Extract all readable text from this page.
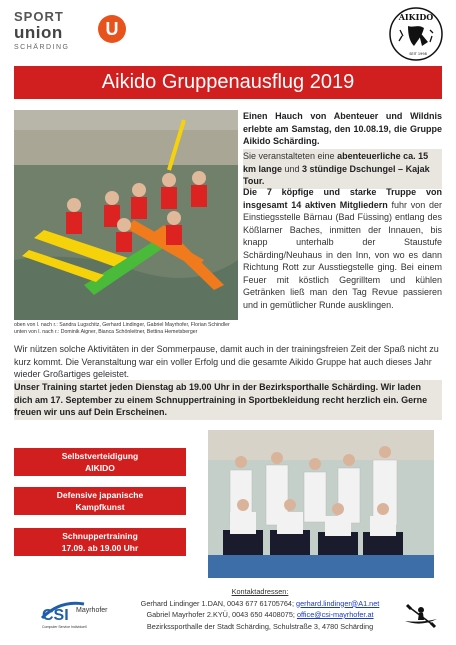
SPORT
union
SCHÄRDING
U
AIKIDO
SEIT 1998
Aikido Gruppenausflug 2019
oben von l. nach r.: Sandra Lugschitz, Gerhard Lindinger, Gabriel Mayrhofer, Florian Schindler
unten von l. nach r.: Dominik Aigner, Bianca Schönleitner, Bettina Hemetsberger
Einen Hauch von Abenteuer und Wildnis erlebte am Samstag, den 10.08.19, die Gruppe Aikido Schärding.
Sie veranstalteten eine abenteuerliche ca. 15 km lange und 3 stündige Dschungel – Kajak Tour.
Die 7 köpfige und starke Truppe von insgesamt 14 aktiven Mitgliedern fuhr von der Einstiegsstelle Bärnau (Bad Füssing) entlang des Kößlarner Baches, inmitten der Innauen, bis knapp unterhalb der Staustufe Schärding/Neuhaus in den Inn, von wo es dann Richtung Rott zur Ausstiegstelle ging. Bei einem Feuer mit köstlich Gegrilltem und kühlen Getränken ließ man den Tag Revue passieren und in gemütlicher Runde ausklingen.
Wir nützen solche Aktivitäten in der Sommerpause, damit auch in der trainingsfreien Zeit der Spaß nicht zu kurz kommt. Die Veranstaltung war ein voller Erfolg und die gesamte Aikido Gruppe hat auch dieses Jahr wieder Großartiges geleistet.
Unser Training startet jeden Dienstag ab 19.00 Uhr in der Bezirksporthalle Schärding. Wir laden dich am 17. September zu einem Schnuppertraining in Sportbekleidung recht herzlich ein. Gerne freuen wir uns auf Dein Erscheinen.
Selbstverteidigung
AIKIDO
Defensive japanische
Kampfkunst
Schnuppertraining
17.09. ab 19.00 Uhr
CSI Mayrhofer
Computer Service Individuell
Kontaktadressen:
Gerhard Lindinger 1.DAN, 0043 677 61705764; gerhard.lindinger@A1.net
Gabriel Mayrhofer 2.KYÜ, 0043 650 4408075; office@csi-mayrhofer.at
Bezirkssporthalle der Stadt Schärding, Schulstraße 3, 4780 Schärding
